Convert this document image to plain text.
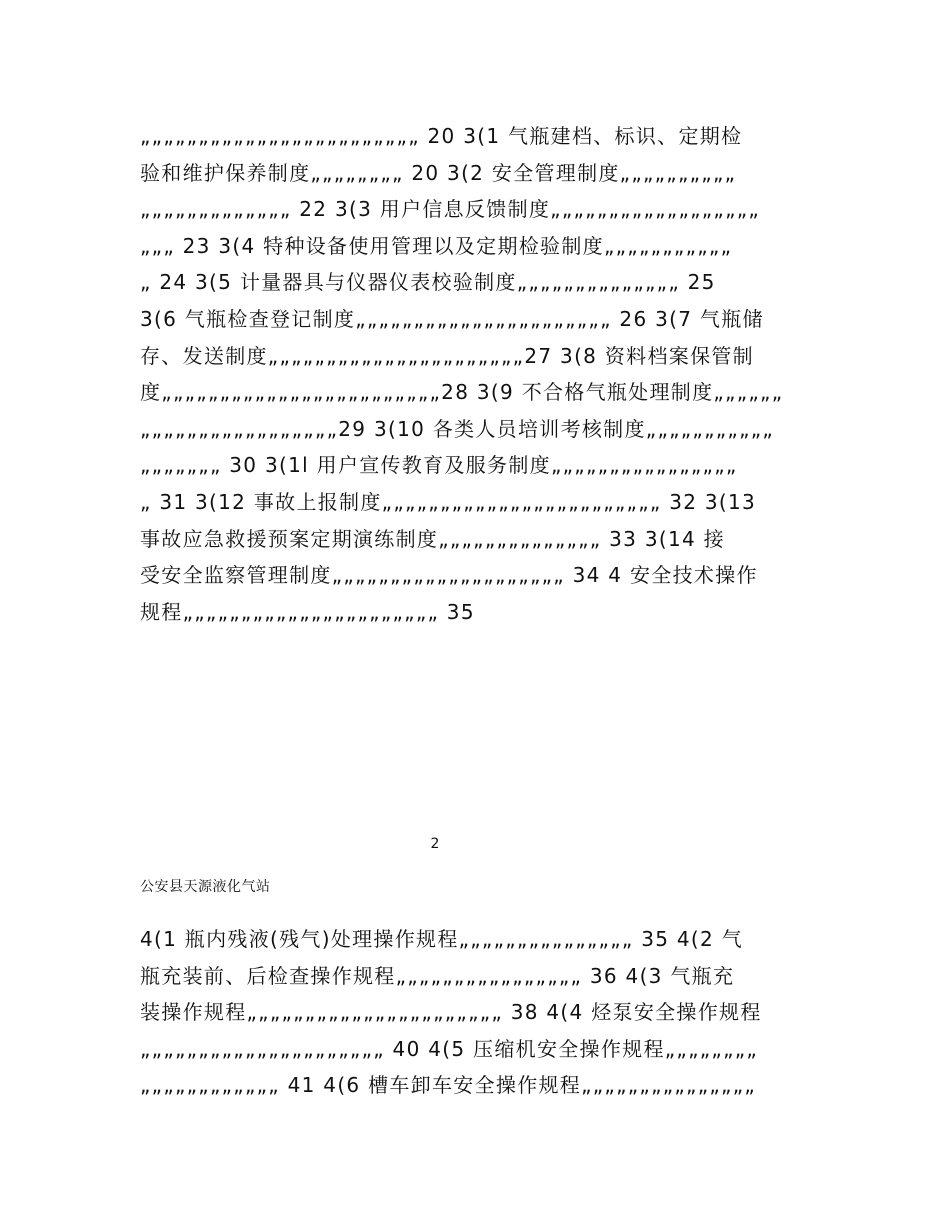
„„„„„„„„„„„„„„„„„„„„„„„„ 20 3(1 气瓶建档、标识、定期检
验和维护保养制度„„„„„„„„ 20 3(2 安全管理制度„„„„„„„„„„
„„„„„„„„„„„„„ 22 3(3 用户信息反馈制度„„„„„„„„„„„„„„„„„„
„„„ 23 3(4 特种设备使用管理以及定期检验制度„„„„„„„„„„„
„ 24 3(5 计量器具与仪器仪表校验制度„„„„„„„„„„„„„„ 25
3(6 气瓶检查登记制度„„„„„„„„„„„„„„„„„„„„„„ 26 3(7 气瓶储
存、发送制度„„„„„„„„„„„„„„„„„„„„„„27 3(8 资料档案保管制
度„„„„„„„„„„„„„„„„„„„„„„„„28 3(9 不合格气瓶处理制度„„„„„„
„„„„„„„„„„„„„„„„„29 3(10 各类人员培训考核制度„„„„„„„„„„„
„„„„„„„ 30 3(1l 用户宣传教育及服务制度„„„„„„„„„„„„„„„„
„ 31 3(12 事故上报制度„„„„„„„„„„„„„„„„„„„„„„„„ 32 3(13
事故应急救援预案定期演练制度„„„„„„„„„„„„„„ 33 3(14 接
受安全监察管理制度„„„„„„„„„„„„„„„„„„„„ 34 4 安全技术操作
规程„„„„„„„„„„„„„„„„„„„„„„ 35
2
公安县天源液化气站
4(1 瓶内残液(残气)处理操作规程„„„„„„„„„„„„„„„ 35 4(2 气
瓶充装前、后检查操作规程„„„„„„„„„„„„„„„„ 36 4(3 气瓶充
装操作规程„„„„„„„„„„„„„„„„„„„„„„ 38 4(4 烃泵安全操作规程
„„„„„„„„„„„„„„„„„„„„„ 40 4(5 压缩机安全操作规程„„„„„„„„
„„„„„„„„„„„„ 41 4(6 槽车卸车安全操作规程„„„„„„„„„„„„„„„
